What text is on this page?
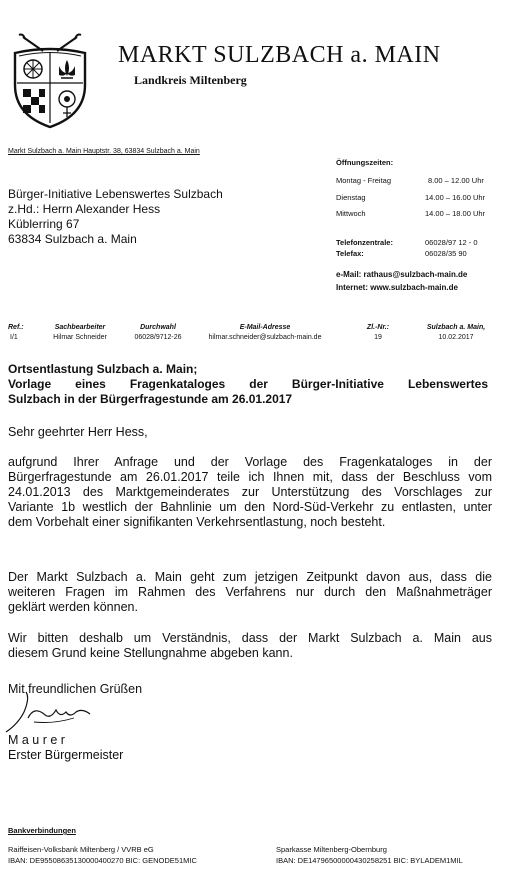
MARKT SULZBACH a. MAIN
Landkreis Miltenberg
Markt Sulzbach a. Main Hauptstr. 38, 63834 Sulzbach a. Main
Bürger-Initiative Lebenswertes Sulzbach
z.Hd.: Herrn Alexander Hess
Küblerring 67
63834 Sulzbach a. Main
Öffnungszeiten:
Montag - Freitag	8.00 – 12.00 Uhr
Dienstag	14.00 – 16.00 Uhr
Mittwoch	14.00 – 18.00 Uhr
Telefonzentrale:	06028/97 12 - 0
Telefax:	06028/35 90
e-Mail: rathaus@sulzbach-main.de
Internet: www.sulzbach-main.de
Ref.:	Sachbearbeiter	Durchwahl	E-Mail-Adresse	Zl.-Nr.:	Sulzbach a. Main,
I/1	Hilmar Schneider	06028/9712-26	hilmar.schneider@sulzbach-main.de	19	10.02.2017
Ortsentlastung Sulzbach a. Main;
Vorlage eines Fragenkataloges der Bürger-Initiative Lebenswertes
Sulzbach in der Bürgerfragestunde am 26.01.2017
Sehr geehrter Herr Hess,
aufgrund Ihrer Anfrage und der Vorlage des Fragenkataloges in der
Bürgerfragestunde am 26.01.2017 teile ich Ihnen mit, dass der Beschluss vom
24.01.2013 des Marktgemeinderates zur Unterstützung des Vorschlages zur
Variante 1b westlich der Bahnlinie um den Nord-Süd-Verkehr zu entlasten, unter
dem Vorbehalt einer signifikanten Verkehrsentlastung, noch besteht.
Der Markt Sulzbach a. Main geht zum jetzigen Zeitpunkt davon aus, dass die
weiteren Fragen im Rahmen des Verfahrens nur durch den Maßnahmeträger
geklärt werden können.
Wir bitten deshalb um Verständnis, dass der Markt Sulzbach a. Main aus
diesem Grund keine Stellungnahme abgeben kann.
Mit freundlichen Grüßen
M a u r e r
Erster Bürgermeister
Bankverbindungen
Raiffeisen-Volksbank Miltenberg / VVRB eG
IBAN: DE95508635130000400270 BIC: GENODE51MIC
Sparkasse Miltenberg-Obernburg
IBAN: DE14796500000430258251 BIC: BYLADEM1MIL
